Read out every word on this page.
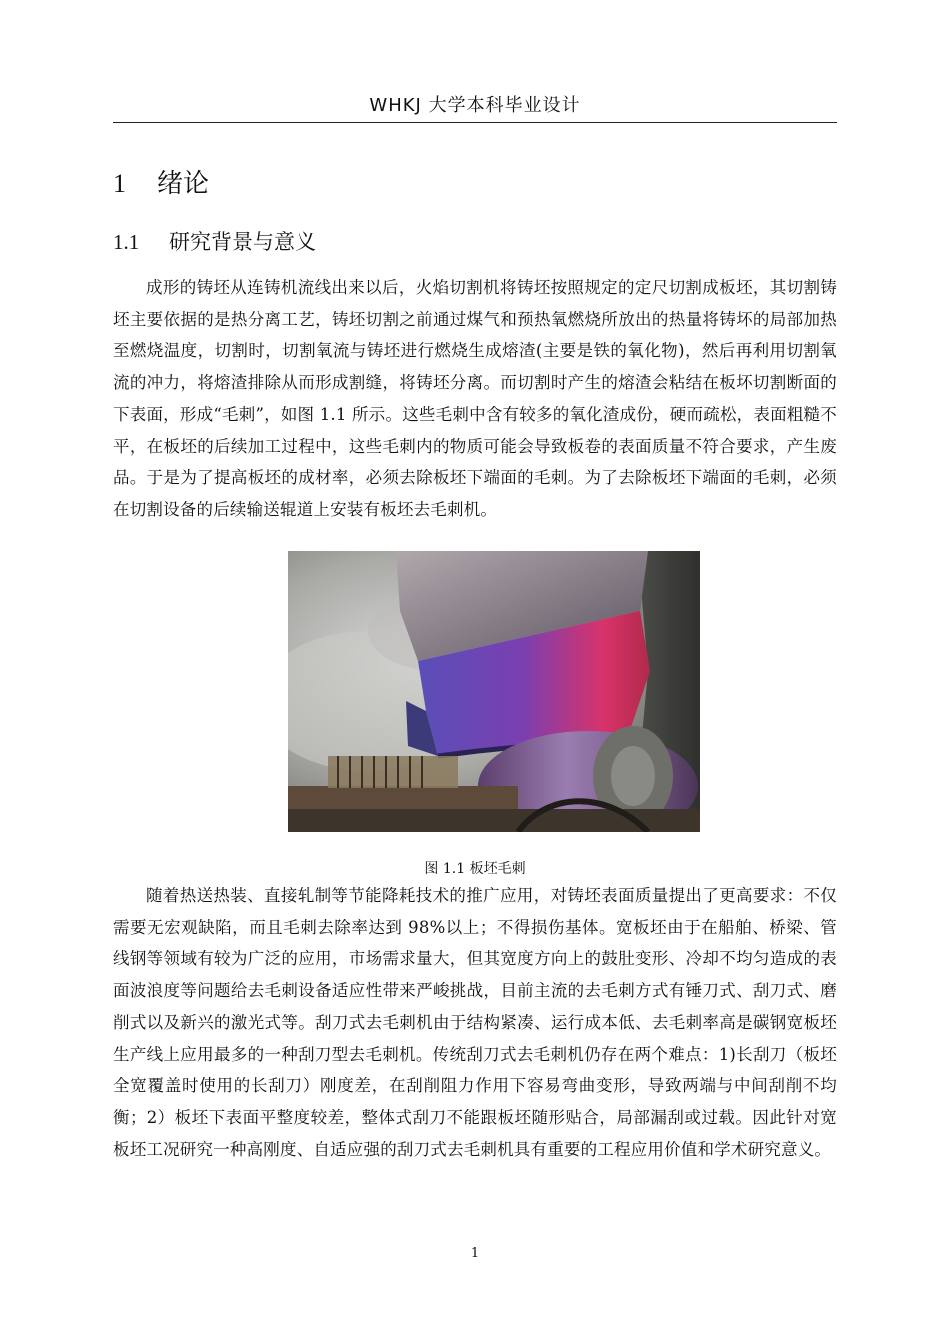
WHKJ 大学本科毕业设计
1 绪论
1.1 研究背景与意义

成形的铸坯从连铸机流线出来以后，火焰切割机将铸坯按照规定的定尺切割成板坯，其切割铸坯主要依据的是热分离工艺，铸坯切割之前通过煤气和预热氧燃烧所放出的热量将铸坏的局部加热至燃烧温度，切割时，切割氧流与铸坯进行燃烧生成熔渣(主要是铁的氧化物)，然后再利用切割氧流的冲力，将熔渣排除从而形成割缝，将铸坯分离。而切割时产生的熔渣会粘结在板坏切割断面的下表面，形成“毛刺”，如图 1.1 所示。这些毛刺中含有较多的氧化渣成份，硬而疏松，表面粗糙不平，在板坯的后续加工过程中，这些毛刺内的物质可能会导致板卷的表面质量不符合要求，产生废品。于是为了提高板坯的成材率，必须去除板坯下端面的毛刺。为了去除板坯下端面的毛刺，必须在切割设备的后续输送辊道上安装有板坯去毛刺机。

图 1.1 板坯毛刺

随着热送热装、直接轧制等节能降耗技术的推广应用，对铸坯表面质量提出了更高要求：不仅需要无宏观缺陷，而且毛刺去除率达到 98%以上；不得损伤基体。宽板坯由于在船舶、桥梁、管线钢等领域有较为广泛的应用，市场需求量大，但其宽度方向上的鼓肚变形、冷却不均匀造成的表面波浪度等问题给去毛刺设备适应性带来严峻挑战，目前主流的去毛刺方式有锤刀式、刮刀式、磨削式以及新兴的激光式等。刮刀式去毛刺机由于结构紧凑、运行成本低、去毛刺率高是碳钢宽板坯生产线上应用最多的一种刮刀型去毛刺机。传统刮刀式去毛刺机仍存在两个难点：1)长刮刀（板坯全宽覆盖时使用的长刮刀）刚度差，在刮削阻力作用下容易弯曲变形，导致两端与中间刮削不均衡；2）板坯下表面平整度较差，整体式刮刀不能跟板坯随形贴合，局部漏刮或过载。因此针对宽板坯工况研究一种高刚度、自适应强的刮刀式去毛刺机具有重要的工程应用价值和学术研究意义。

1
